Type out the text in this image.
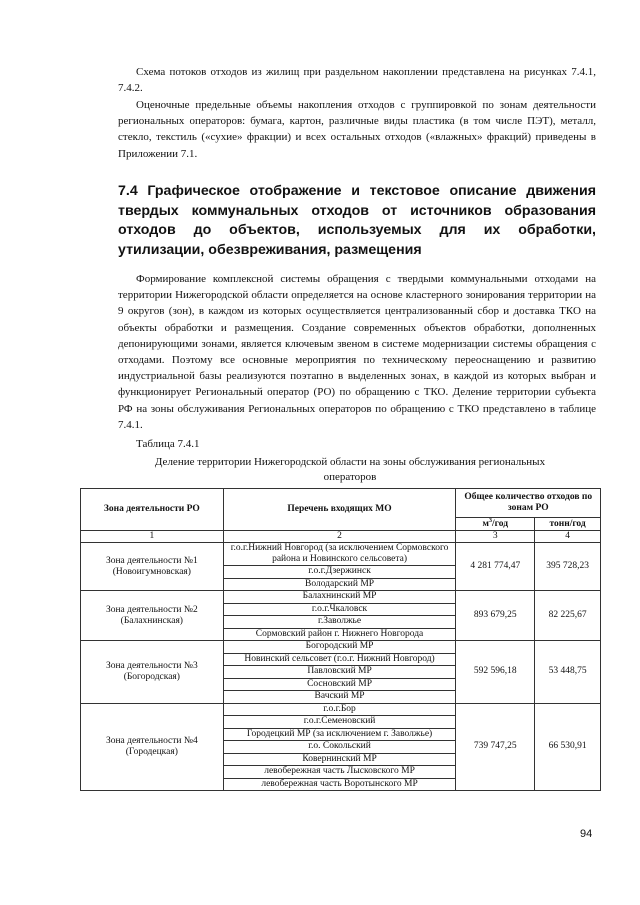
Схема потоков отходов из жилищ при раздельном накоплении представлена на рисунках 7.4.1, 7.4.2.

Оценочные предельные объемы накопления отходов с группировкой по зонам деятельности региональных операторов: бумага, картон, различные виды пластика (в том числе ПЭТ), металл, стекло, текстиль («сухие» фракции) и всех остальных отходов («влажных» фракций) приведены в Приложении 7.1.

7.4 Графическое отображение и текстовое описание движения твердых коммунальных отходов от источников образования отходов до объектов, используемых для их обработки, утилизации, обезвреживания, размещения

Формирование комплексной системы обращения с твердыми коммунальными отходами на территории Нижегородской области определяется на основе кластерного зонирования территории на 9 округов (зон), в каждом из которых осуществляется централизованный сбор и доставка ТКО на объекты обработки и размещения. Создание современных объектов обработки, дополненных депонирующими зонами, является ключевым звеном в системе модернизации системы обращения с отходами. Поэтому все основные мероприятия по техническому переоснащению и развитию индустриальной базы реализуются поэтапно в выделенных зонах, в каждой из которых выбран и функционирует Региональный оператор (РО) по обращению с ТКО. Деление территории субъекта РФ на зоны обслуживания Региональных операторов по обращению с ТКО представлено в таблице 7.4.1.

Таблица 7.4.1

Деление территории Нижегородской области на зоны обслуживания региональных операторов

Зона деятельности РО	Перечень входящих МО	Общее количество отходов по зонам РО	
		$м^3$/год	тонн/год
1	2	3	4
Зона деятельности №1 (Новоигумновская)	г.о.г.Нижний Новгород (за исключением Сормовского района и Новинского сельсовета)	4 281 774,47	395 728,23
	г.о.г.Дзержинск		
	Володарский МР		
Зона деятельности №2 (Балахнинская)	Балахнинский МР	893 679,25	82 225,67
	г.о.г.Чкаловск		
	г.Заволжье		
	Сормовский район г. Нижнего Новгорода		
Зона деятельности №3 (Богородская)	Богородский МР	592 596,18	53 448,75
	Новинский сельсовет (г.о.г. Нижний Новгород)		
	Павловский МР		
	Сосновский МР		
	Вачский МР		
Зона деятельности №4 (Городецкая)	г.о.г.Бор	739 747,25	66 530,91
	г.о.г.Семеновский		
	Городецкий МР (за исключением г. Заволжье)		
	г.о. Сокольский		
	Ковернинский МР		
	левобережная часть Лысковского МР		
	левобережная часть Воротынского МР		
94
